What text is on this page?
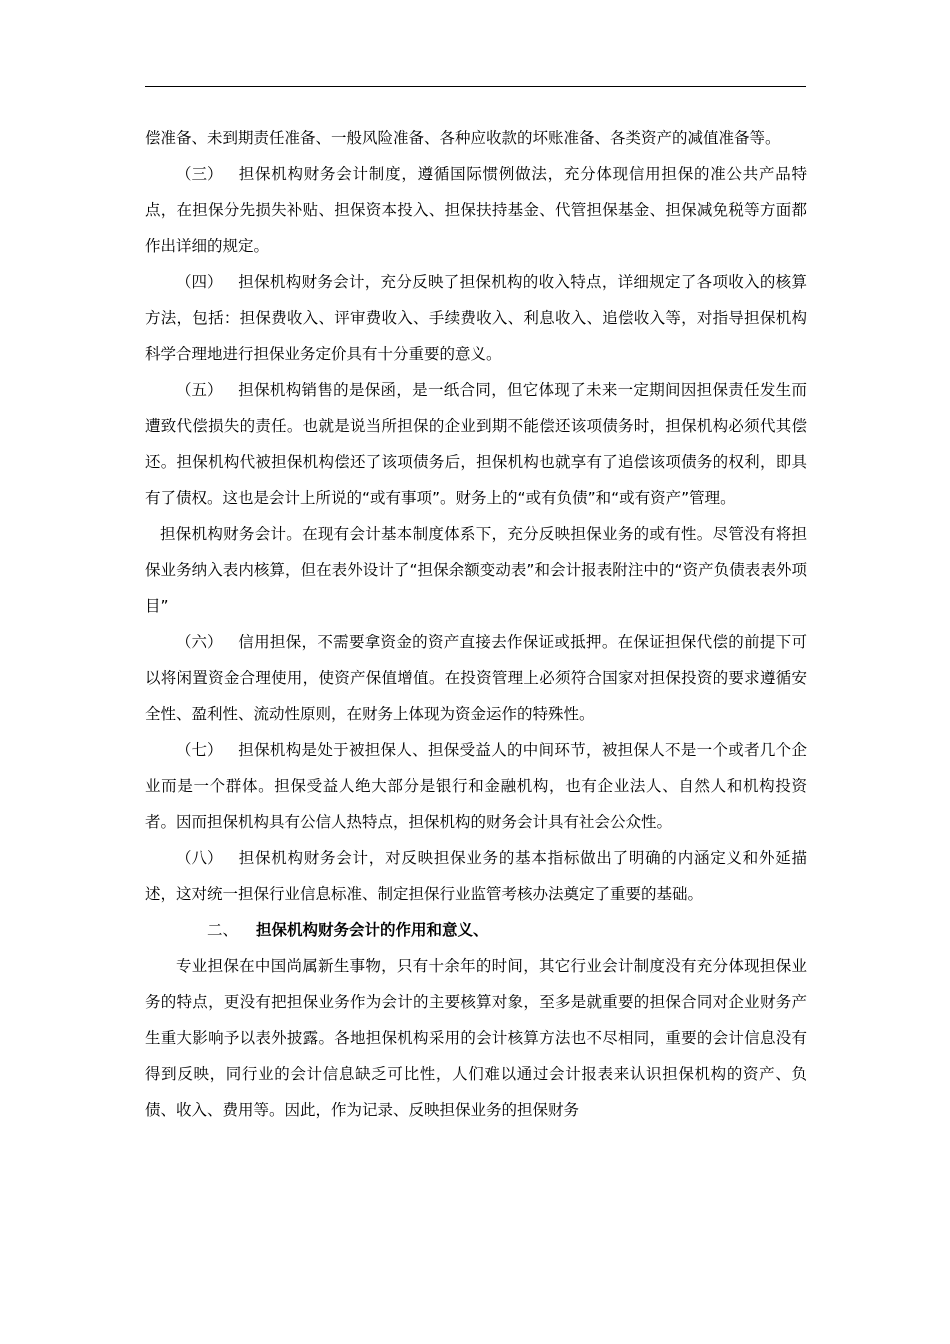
偿准备、未到期责任准备、一般风险准备、各种应收款的坏账准备、各类资产的减值准备等。

（三） 担保机构财务会计制度，遵循国际惯例做法，充分体现信用担保的准公共产品特点，在担保分先损失补贴、担保资本投入、担保扶持基金、代管担保基金、担保减免税等方面都作出详细的规定。

（四） 担保机构财务会计，充分反映了担保机构的收入特点，详细规定了各项收入的核算方法，包括：担保费收入、评审费收入、手续费收入、利息收入、追偿收入等，对指导担保机构科学合理地进行担保业务定价具有十分重要的意义。

（五） 担保机构销售的是保函，是一纸合同，但它体现了未来一定期间因担保责任发生而遭致代偿损失的责任。也就是说当所担保的企业到期不能偿还该项债务时，担保机构必须代其偿还。担保机构代被担保机构偿还了该项债务后，担保机构也就享有了追偿该项债务的权利，即具有了债权。这也是会计上所说的“或有事项”。财务上的“或有负债”和“或有资产”管理。

担保机构财务会计。在现有会计基本制度体系下，充分反映担保业务的或有性。尽管没有将担保业务纳入表内核算，但在表外设计了“担保余额变动表”和会计报表附注中的“资产负债表表外项目”

（六） 信用担保，不需要拿资金的资产直接去作保证或抵押。在保证担保代偿的前提下可以将闲置资金合理使用，使资产保值增值。在投资管理上必须符合国家对担保投资的要求遵循安全性、盈利性、流动性原则，在财务上体现为资金运作的特殊性。

（七） 担保机构是处于被担保人、担保受益人的中间环节，被担保人不是一个或者几个企业而是一个群体。担保受益人绝大部分是银行和金融机构，也有企业法人、自然人和机构投资者。因而担保机构具有公信人热特点，担保机构的财务会计具有社会公众性。

（八） 担保机构财务会计，对反映担保业务的基本指标做出了明确的内涵定义和外延描述，这对统一担保行业信息标准、制定担保行业监管考核办法奠定了重要的基础。

二、 担保机构财务会计的作用和意义、

专业担保在中国尚属新生事物，只有十余年的时间，其它行业会计制度没有充分体现担保业务的特点，更没有把担保业务作为会计的主要核算对象，至多是就重要的担保合同对企业财务产生重大影响予以表外披露。各地担保机构采用的会计核算方法也不尽相同，重要的会计信息没有得到反映，同行业的会计信息缺乏可比性，人们难以通过会计报表来认识担保机构的资产、负债、收入、费用等。因此，作为记录、反映担保业务的担保财务
